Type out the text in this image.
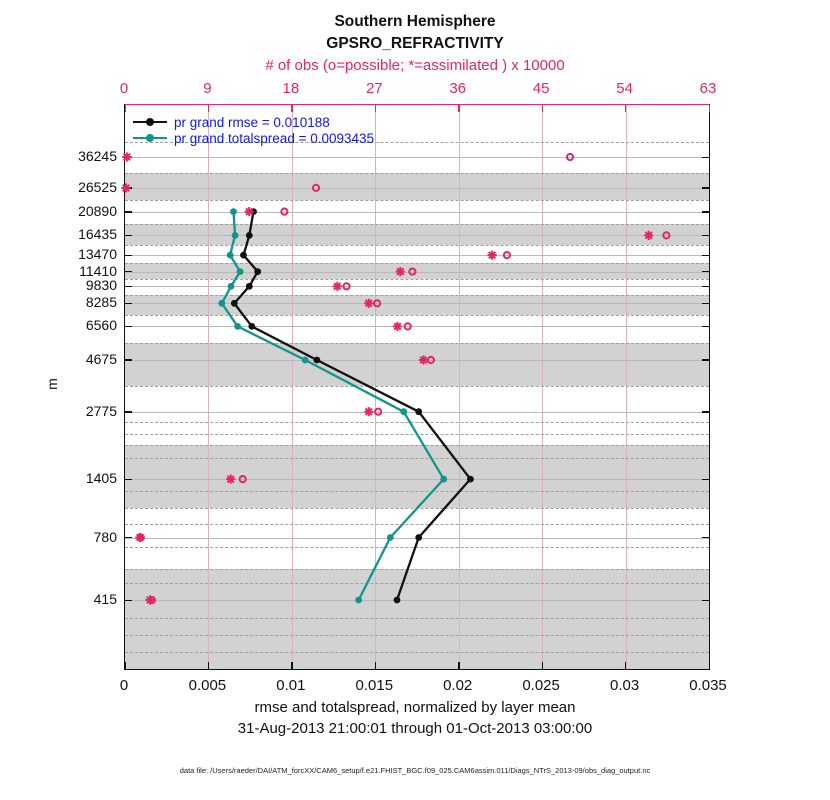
Southern Hemisphere
GPSRO_REFRACTIVITY
# of obs (o=possible; *=assimilated ) x 10000
pr grand rmse = 0.010188
pr grand totalspread = 0.0093435
m
rmse and totalspread, normalized by layer mean
31-Aug-2013 21:00:01 through 01-Oct-2013 03:00:00
data file: /Users/raeder/DAI/ATM_forcXX/CAM6_setup/f.e21.FHIST_BGC.f09_025.CAM6assim.011/Diags_NTrS_2013-09/obs_diag_output.nc
36245
26525
20890
16435
13470
11410
9830
8285
6560
4675
2775
1405
780
415
0	0.005	0.01	0.015	0.02	0.025	0.03	0.035
0	9	18	27	36	45	54	63
